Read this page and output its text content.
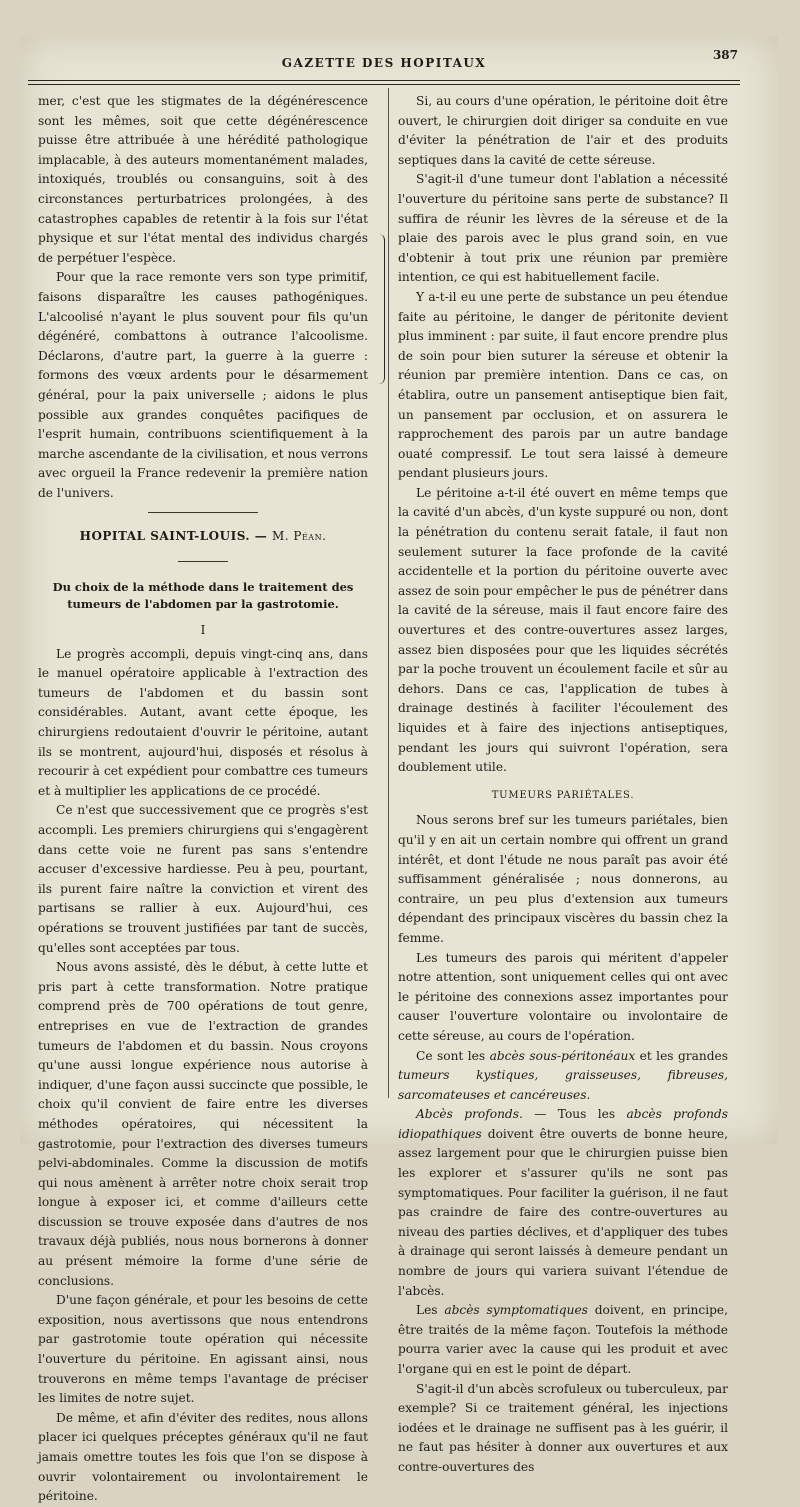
GAZETTE DES HOPITAUX
387

mer, c'est que les stigmates de la dégénérescence sont les mêmes, soit que cette dégénérescence puisse être attribuée à une hérédité pathologique implacable, à des auteurs momentanément malades, intoxiqués, troublés ou consanguins, soit à des circonstances perturbatrices prolongées, à des catastrophes capables de retentir à la fois sur l'état physique et sur l'état mental des individus chargés de perpétuer l'espèce.

Pour que la race remonte vers son type primitif, faisons disparaître les causes pathogéniques. L'alcoolisé n'ayant le plus souvent pour fils qu'un dégénéré, combattons à outrance l'alcoolisme. Déclarons, d'autre part, la guerre à la guerre : formons des vœux ardents pour le désarmement général, pour la paix universelle ; aidons le plus possible aux grandes conquêtes pacifiques de l'esprit humain, contribuons scientifiquement à la marche ascendante de la civilisation, et nous verrons avec orgueil la France redevenir la première nation de l'univers.

HOPITAL SAINT-LOUIS. — M. Péan.
Du choix de la méthode dans le traitement des tumeurs de l'abdomen par la gastrotomie.
I

Le progrès accompli, depuis vingt-cinq ans, dans le manuel opératoire applicable à l'extraction des tumeurs de l'abdomen et du bassin sont considérables. Autant, avant cette époque, les chirurgiens redoutaient d'ouvrir le péritoine, autant ils se montrent, aujourd'hui, disposés et résolus à recourir à cet expédient pour combattre ces tumeurs et à multiplier les applications de ce procédé.

Ce n'est que successivement que ce progrès s'est accompli. Les premiers chirurgiens qui s'engagèrent dans cette voie ne furent pas sans s'entendre accuser d'excessive hardiesse. Peu à peu, pourtant, ils purent faire naître la conviction et virent des partisans se rallier à eux. Aujourd'hui, ces opérations se trouvent justifiées par tant de succès, qu'elles sont acceptées par tous.

Nous avons assisté, dès le début, à cette lutte et pris part à cette transformation. Notre pratique comprend près de 700 opérations de tout genre, entreprises en vue de l'extraction de grandes tumeurs de l'abdomen et du bassin. Nous croyons qu'une aussi longue expérience nous autorise à indiquer, d'une façon aussi succincte que possible, le choix qu'il convient de faire entre les diverses méthodes opératoires, qui nécessitent la gastrotomie, pour l'extraction des diverses tumeurs pelvi-abdominales. Comme la discussion de motifs qui nous amènent à arrêter notre choix serait trop longue à exposer ici, et comme d'ailleurs cette discussion se trouve exposée dans d'autres de nos travaux déjà publiés, nous nous bornerons à donner au présent mémoire la forme d'une série de conclusions.

D'une façon générale, et pour les besoins de cette exposition, nous avertissons que nous entendrons par gastrotomie toute opération qui nécessite l'ouverture du péritoine. En agissant ainsi, nous trouverons en même temps l'avantage de préciser les limites de notre sujet.

De même, et afin d'éviter des redites, nous allons placer ici quelques préceptes généraux qu'il ne faut jamais omettre toutes les fois que l'on se dispose à ouvrir volontairement ou involontairement le péritoine.

Si, au cours d'une opération, le péritoine doit être ouvert, le chirurgien doit diriger sa conduite en vue d'éviter la pénétration de l'air et des produits septiques dans la cavité de cette séreuse.

S'agit-il d'une tumeur dont l'ablation a nécessité l'ouverture du péritoine sans perte de substance? Il suffira de réunir les lèvres de la séreuse et de la plaie des parois avec le plus grand soin, en vue d'obtenir à tout prix une réunion par première intention, ce qui est habituellement facile.

Y a-t-il eu une perte de substance un peu étendue faite au péritoine, le danger de péritonite devient plus imminent : par suite, il faut encore prendre plus de soin pour bien suturer la séreuse et obtenir la réunion par première intention. Dans ce cas, on établira, outre un pansement antiseptique bien fait, un pansement par occlusion, et on assurera le rapprochement des parois par un autre bandage ouaté compressif. Le tout sera laissé à demeure pendant plusieurs jours.

Le péritoine a-t-il été ouvert en même temps que la cavité d'un abcès, d'un kyste suppuré ou non, dont la pénétration du contenu serait fatale, il faut non seulement suturer la face profonde de la cavité accidentelle et la portion du péritoine ouverte avec assez de soin pour empêcher le pus de pénétrer dans la cavité de la séreuse, mais il faut encore faire des ouvertures et des contre-ouvertures assez larges, assez bien disposées pour que les liquides sécrétés par la poche trouvent un écoulement facile et sûr au dehors. Dans ce cas, l'application de tubes à drainage destinés à faciliter l'écoulement des liquides et à faire des injections antiseptiques, pendant les jours qui suivront l'opération, sera doublement utile.

TUMEURS PARIÉTALES.

Nous serons bref sur les tumeurs pariétales, bien qu'il y en ait un certain nombre qui offrent un grand intérêt, et dont l'étude ne nous paraît pas avoir été suffisamment généralisée ; nous donnerons, au contraire, un peu plus d'extension aux tumeurs dépendant des principaux viscères du bassin chez la femme.

Les tumeurs des parois qui méritent d'appeler notre attention, sont uniquement celles qui ont avec le péritoine des connexions assez importantes pour causer l'ouverture volontaire ou involontaire de cette séreuse, au cours de l'opération.

Ce sont les abcès sous-péritonéaux et les grandes tumeurs kystiques, graisseuses, fibreuses, sarcomateuses et cancéreuses.

Abcès profonds. — Tous les abcès profonds idiopathiques doivent être ouverts de bonne heure, assez largement pour que le chirurgien puisse bien les explorer et s'assurer qu'ils ne sont pas symptomatiques. Pour faciliter la guérison, il ne faut pas craindre de faire des contre-ouvertures au niveau des parties déclives, et d'appliquer des tubes à drainage qui seront laissés à demeure pendant un nombre de jours qui variera suivant l'étendue de l'abcès.

Les abcès symptomatiques doivent, en principe, être traités de la même façon. Toutefois la méthode pourra varier avec la cause qui les produit et avec l'organe qui en est le point de départ.

S'agit-il d'un abcès scrofuleux ou tuberculeux, par exemple? Si ce traitement général, les injections iodées et le drainage ne suffisent pas à les guérir, il ne faut pas hésiter à donner aux ouvertures et aux contre-ouvertures des
